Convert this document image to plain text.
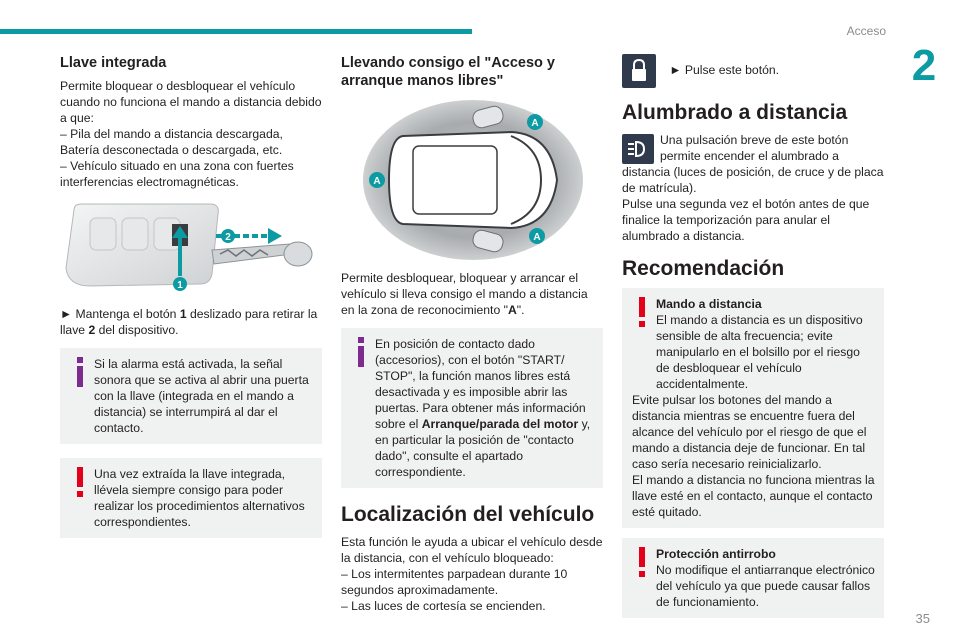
Acceso
2
35
Llave integrada

Permite bloquear o desbloquear el vehículo cuando no funciona el mando a distancia debido a que:

– Pila del mando a distancia descargada, Batería desconectada o descargada, etc.

– Vehículo situado en una zona con fuertes interferencias electromagnéticas.

1
2

► Mantenga el botón 1 deslizado para retirar la llave 2 del dispositivo.

Si la alarma está activada, la señal sonora que se activa al abrir una puerta con la llave (integrada en el mando a distancia) se interrumpirá al dar el contacto.
Una vez extraída la llave integrada, llévela siempre consigo para poder realizar los procedimientos alternativos correspondientes.
Llevando consigo el "Acceso y arranque manos libres"
A
A
A

Permite desbloquear, bloquear y arrancar el vehículo si lleva consigo el mando a distancia en la zona de reconocimiento "A".

En posición de contacto dado (accesorios), con el botón "START/ STOP", la función manos libres está desactivada y es imposible abrir las puertas. Para obtener más información sobre el Arranque/parada del motor y, en particular la posición de "contacto dado", consulte el apartado correspondiente.
Localización del vehículo

Esta función le ayuda a ubicar el vehículo desde la distancia, con el vehículo bloqueado:

– Los intermitentes parpadean durante 10 segundos aproximadamente.

– Las luces de cortesía se encienden.

► Pulse este botón.
Alumbrado a distancia

Una pulsación breve de este botón permite encender el alumbrado a distancia (luces de posición, de cruce y de placa de matrícula).

Pulse una segunda vez el botón antes de que finalice la temporización para anular el alumbrado a distancia.

Recomendación
Mando a distancia
El mando a distancia es un dispositivo sensible de alta frecuencia; evite manipularlo en el bolsillo por el riesgo de desbloquear el vehículo accidentalmente.
Evite pulsar los botones del mando a distancia mientras se encuentre fuera del alcance del vehículo por el riesgo de que el mando a distancia deje de funcionar. En tal caso sería necesario reinicializarlo.
El mando a distancia no funciona mientras la llave esté en el contacto, aunque el contacto esté quitado.
Protección antirrobo
No modifique el antiarranque electrónico del vehículo ya que puede causar fallos de funcionamiento.
